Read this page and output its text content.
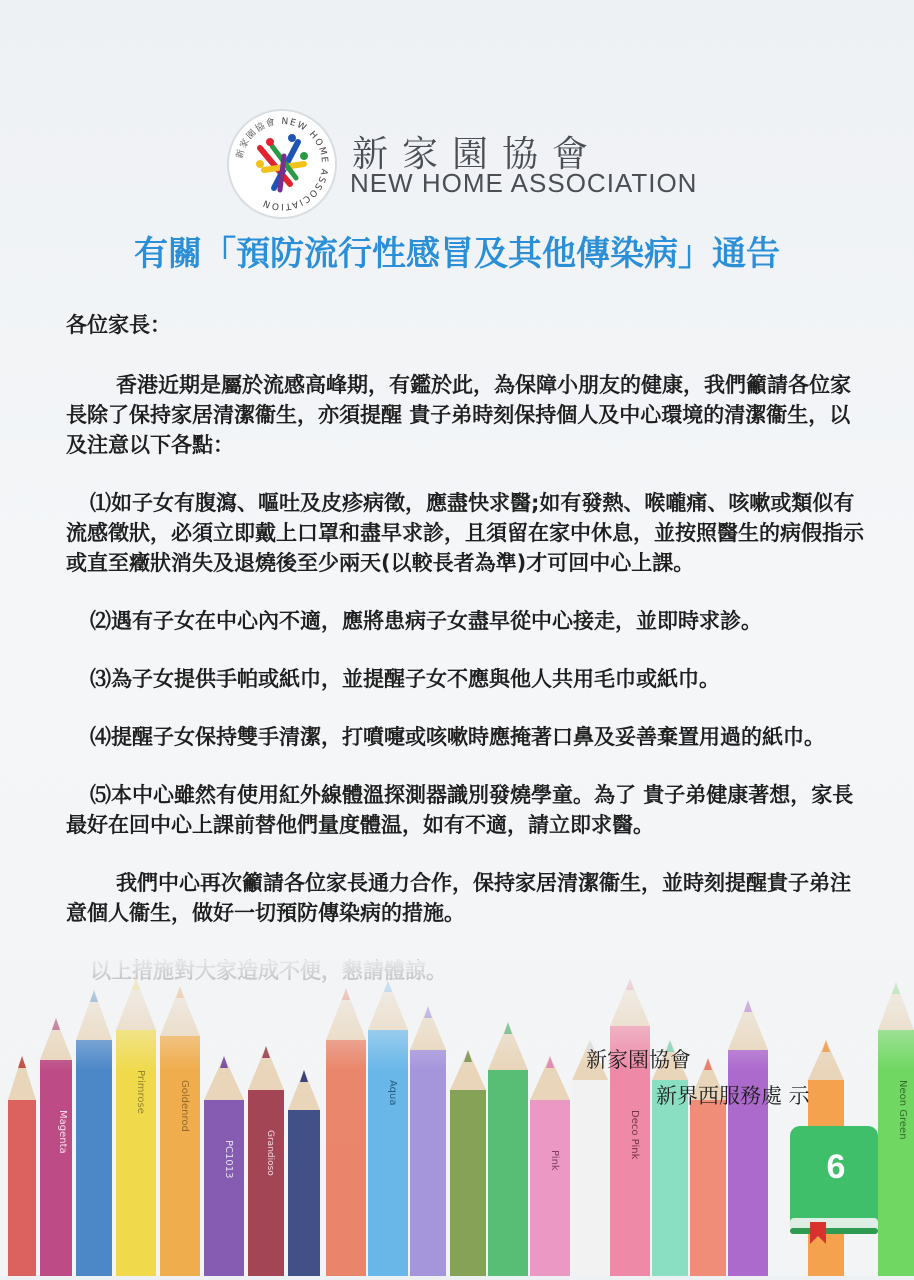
新家園協會 NEW HOME ASSOCIATION
新家園協會
NEW HOME ASSOCIATION
有關「預防流行性感冒及其他傳染病」通告

各位家長：

香港近期是屬於流感高峰期，有鑑於此，為保障小朋友的健康，我們籲請各位家長除了保持家居清潔衞生，亦須提醒 貴子弟時刻保持個人及中心環境的清潔衞生，以及注意以下各點：

⑴如子女有腹瀉、嘔吐及皮疹病徵，應盡快求醫;如有發熱、喉嚨痛、咳嗽或類似有流感徵狀，必須立即戴上口罩和盡早求診，且須留在家中休息，並按照醫生的病假指示或直至癥狀消失及退燒後至少兩天(以較長者為準)才可回中心上課。

⑵遇有子女在中心內不適，應將患病子女盡早從中心接走，並即時求診。

⑶為子女提供手帕或紙巾，並提醒子女不應與他人共用毛巾或紙巾。

⑷提醒子女保持雙手清潔，打噴嚏或咳嗽時應掩著口鼻及妥善棄置用過的紙巾。

⑸本中心雖然有使用紅外線體溫探測器識別發燒學童。為了 貴子弟健康著想，家長最好在回中心上課前替他們量度體温，如有不適，請立即求醫。

我們中心再次籲請各位家長通力合作，保持家居清潔衞生，並時刻提醒貴子弟注意個人衞生，做好一切預防傳染病的措施。

Magenta
Primrose	Goldenrod
PC1013	Grandioso
Aqua
Pink
Deco Pink	Neon Green
新家園協會
新界西服務處 示
6
